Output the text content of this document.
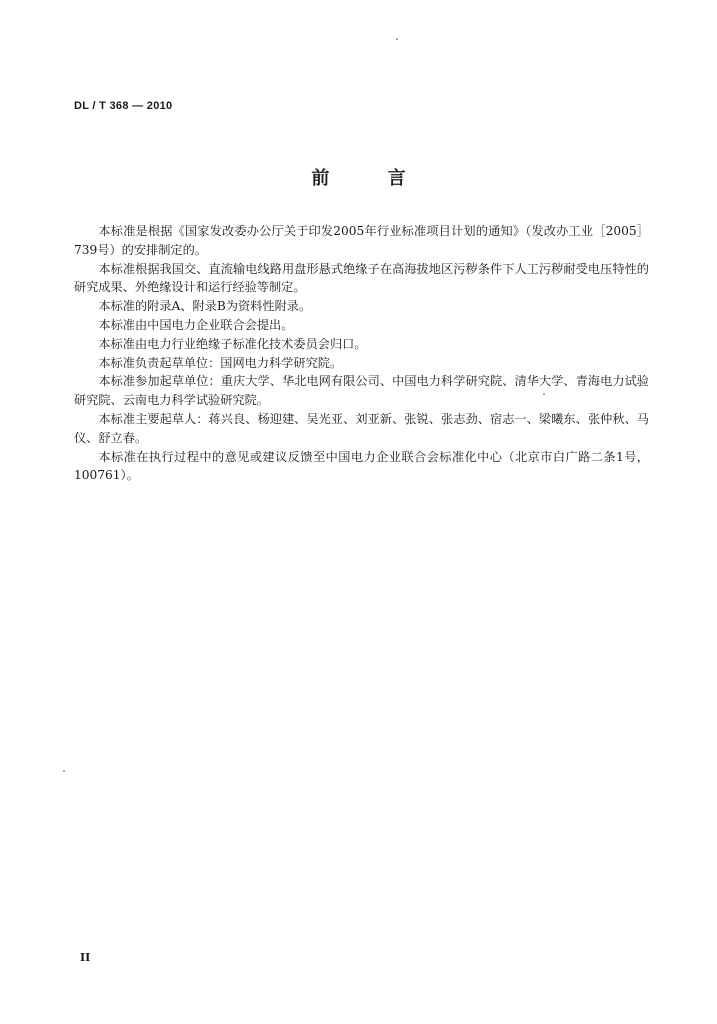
DL / T 368 — 2010
前 言

本标准是根据《国家发改委办公厅关于印发2005年行业标准项目计划的通知》（发改办工业［2005］739号）的安排制定的。

本标准根据我国交、直流输电线路用盘形悬式绝缘子在高海拔地区污秽条件下人工污秽耐受电压特性的研究成果、外绝缘设计和运行经验等制定。

本标准的附录A、附录B为资料性附录。

本标准由中国电力企业联合会提出。

本标准由电力行业绝缘子标准化技术委员会归口。

本标准负责起草单位：国网电力科学研究院。

本标准参加起草单位：重庆大学、华北电网有限公司、中国电力科学研究院、清华大学、青海电力试验研究院、云南电力科学试验研究院。

本标准主要起草人：蒋兴良、杨迎建、吴光亚、刘亚新、张锐、张志劲、宿志一、梁曦东、张仲秋、马仪、舒立春。

本标准在执行过程中的意见或建议反馈至中国电力企业联合会标准化中心（北京市白广路二条1号，100761）。

II
